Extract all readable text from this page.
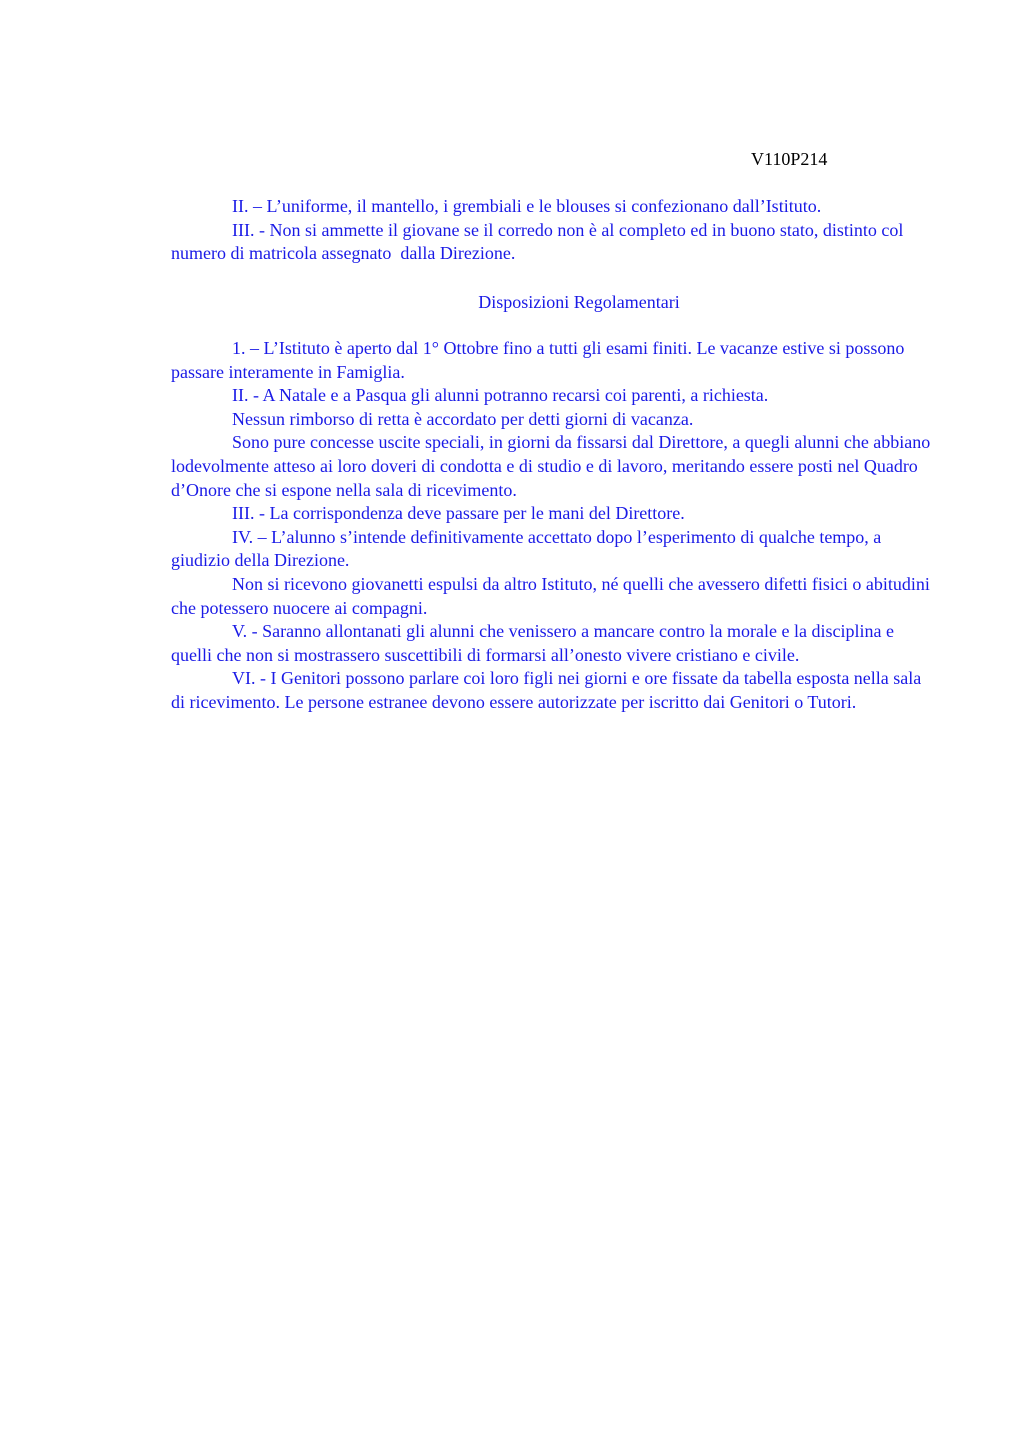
V110P214

II. – L’uniforme, il mantello, i grembiali e le blouses si confezionano dall’Istituto.

III. - Non si ammette il giovane se il corredo non è al completo ed in buono stato, distinto col numero di matricola assegnato  dalla Direzione.

Disposizioni Regolamentari

1. – L’Istituto è aperto dal 1° Ottobre fino a tutti gli esami finiti. Le vacanze estive si possono passare interamente in Famiglia.

II. - A Natale e a Pasqua gli alunni potranno recarsi coi parenti, a richiesta.

Nessun rimborso di retta è accordato per detti giorni di vacanza.

Sono pure concesse uscite speciali, in giorni da fissarsi dal Direttore, a quegli alunni che abbiano lodevolmente atteso ai loro doveri di condotta e di studio e di lavoro, meritando essere posti nel Quadro d’Onore che si espone nella sala di ricevimento.

III. - La corrispondenza deve passare per le mani del Direttore.

IV. – L’alunno s’intende definitivamente accettato dopo l’esperimento di qualche tempo, a giudizio della Direzione.

Non si ricevono giovanetti espulsi da altro Istituto, né quelli che avessero difetti fisici o abitudini che potessero nuocere ai compagni.

V. - Saranno allontanati gli alunni che venissero a mancare contro la morale e la disciplina e quelli che non si mostrassero suscettibili di formarsi all’onesto vivere cristiano e civile.

VI. - I Genitori possono parlare coi loro figli nei giorni e ore fissate da tabella esposta nella sala di ricevimento. Le persone estranee devono essere autorizzate per iscritto dai Genitori o Tutori.
